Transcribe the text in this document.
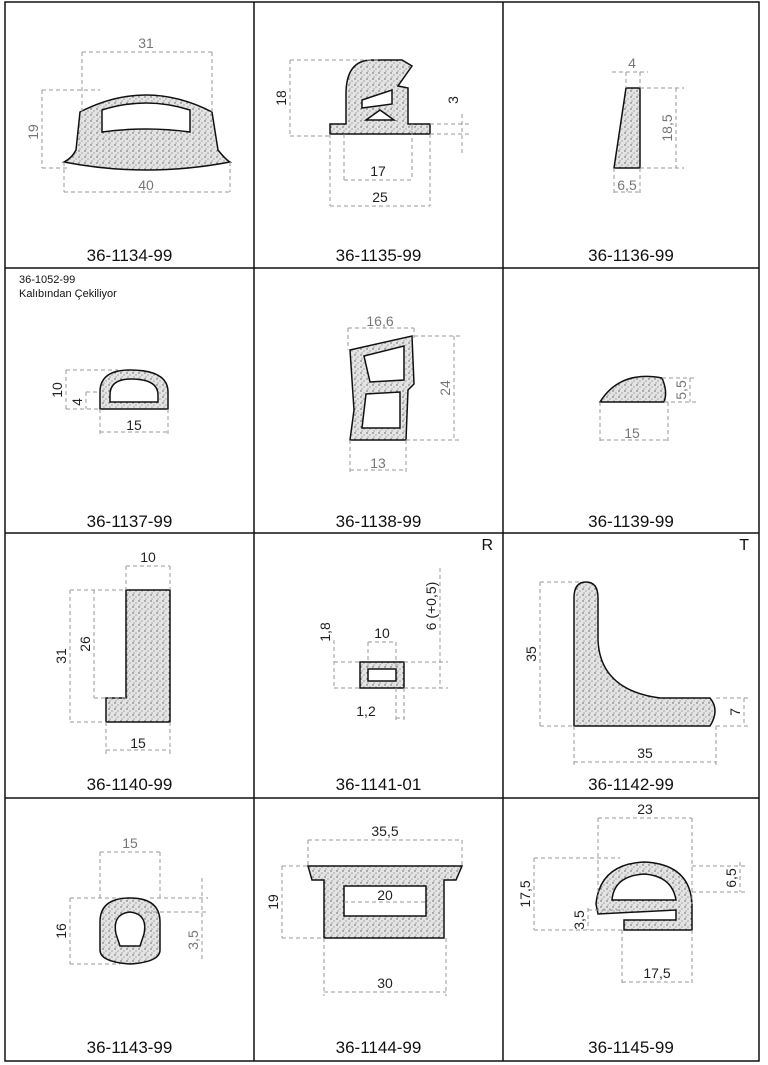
31
19
40
18	3
17
25
4
18,5
6,5
10
4
15
16,6
24
13
5,5
15
10
31
26
15
1,8	10
6 (+0,5)
1,2
35
7
35
15
16	3,5
35,5
19	20
30
23
17,5
6,5
3,5
17,5
36-1134-99	36-1135-99	36-1136-99
36-1052-99
Kalıbından Çekiliyor
36-1137-99	36-1138-99	36-1139-99
36-1140-99
R
36-1141-01
T
36-1142-99
36-1143-99	36-1144-99	36-1145-99
